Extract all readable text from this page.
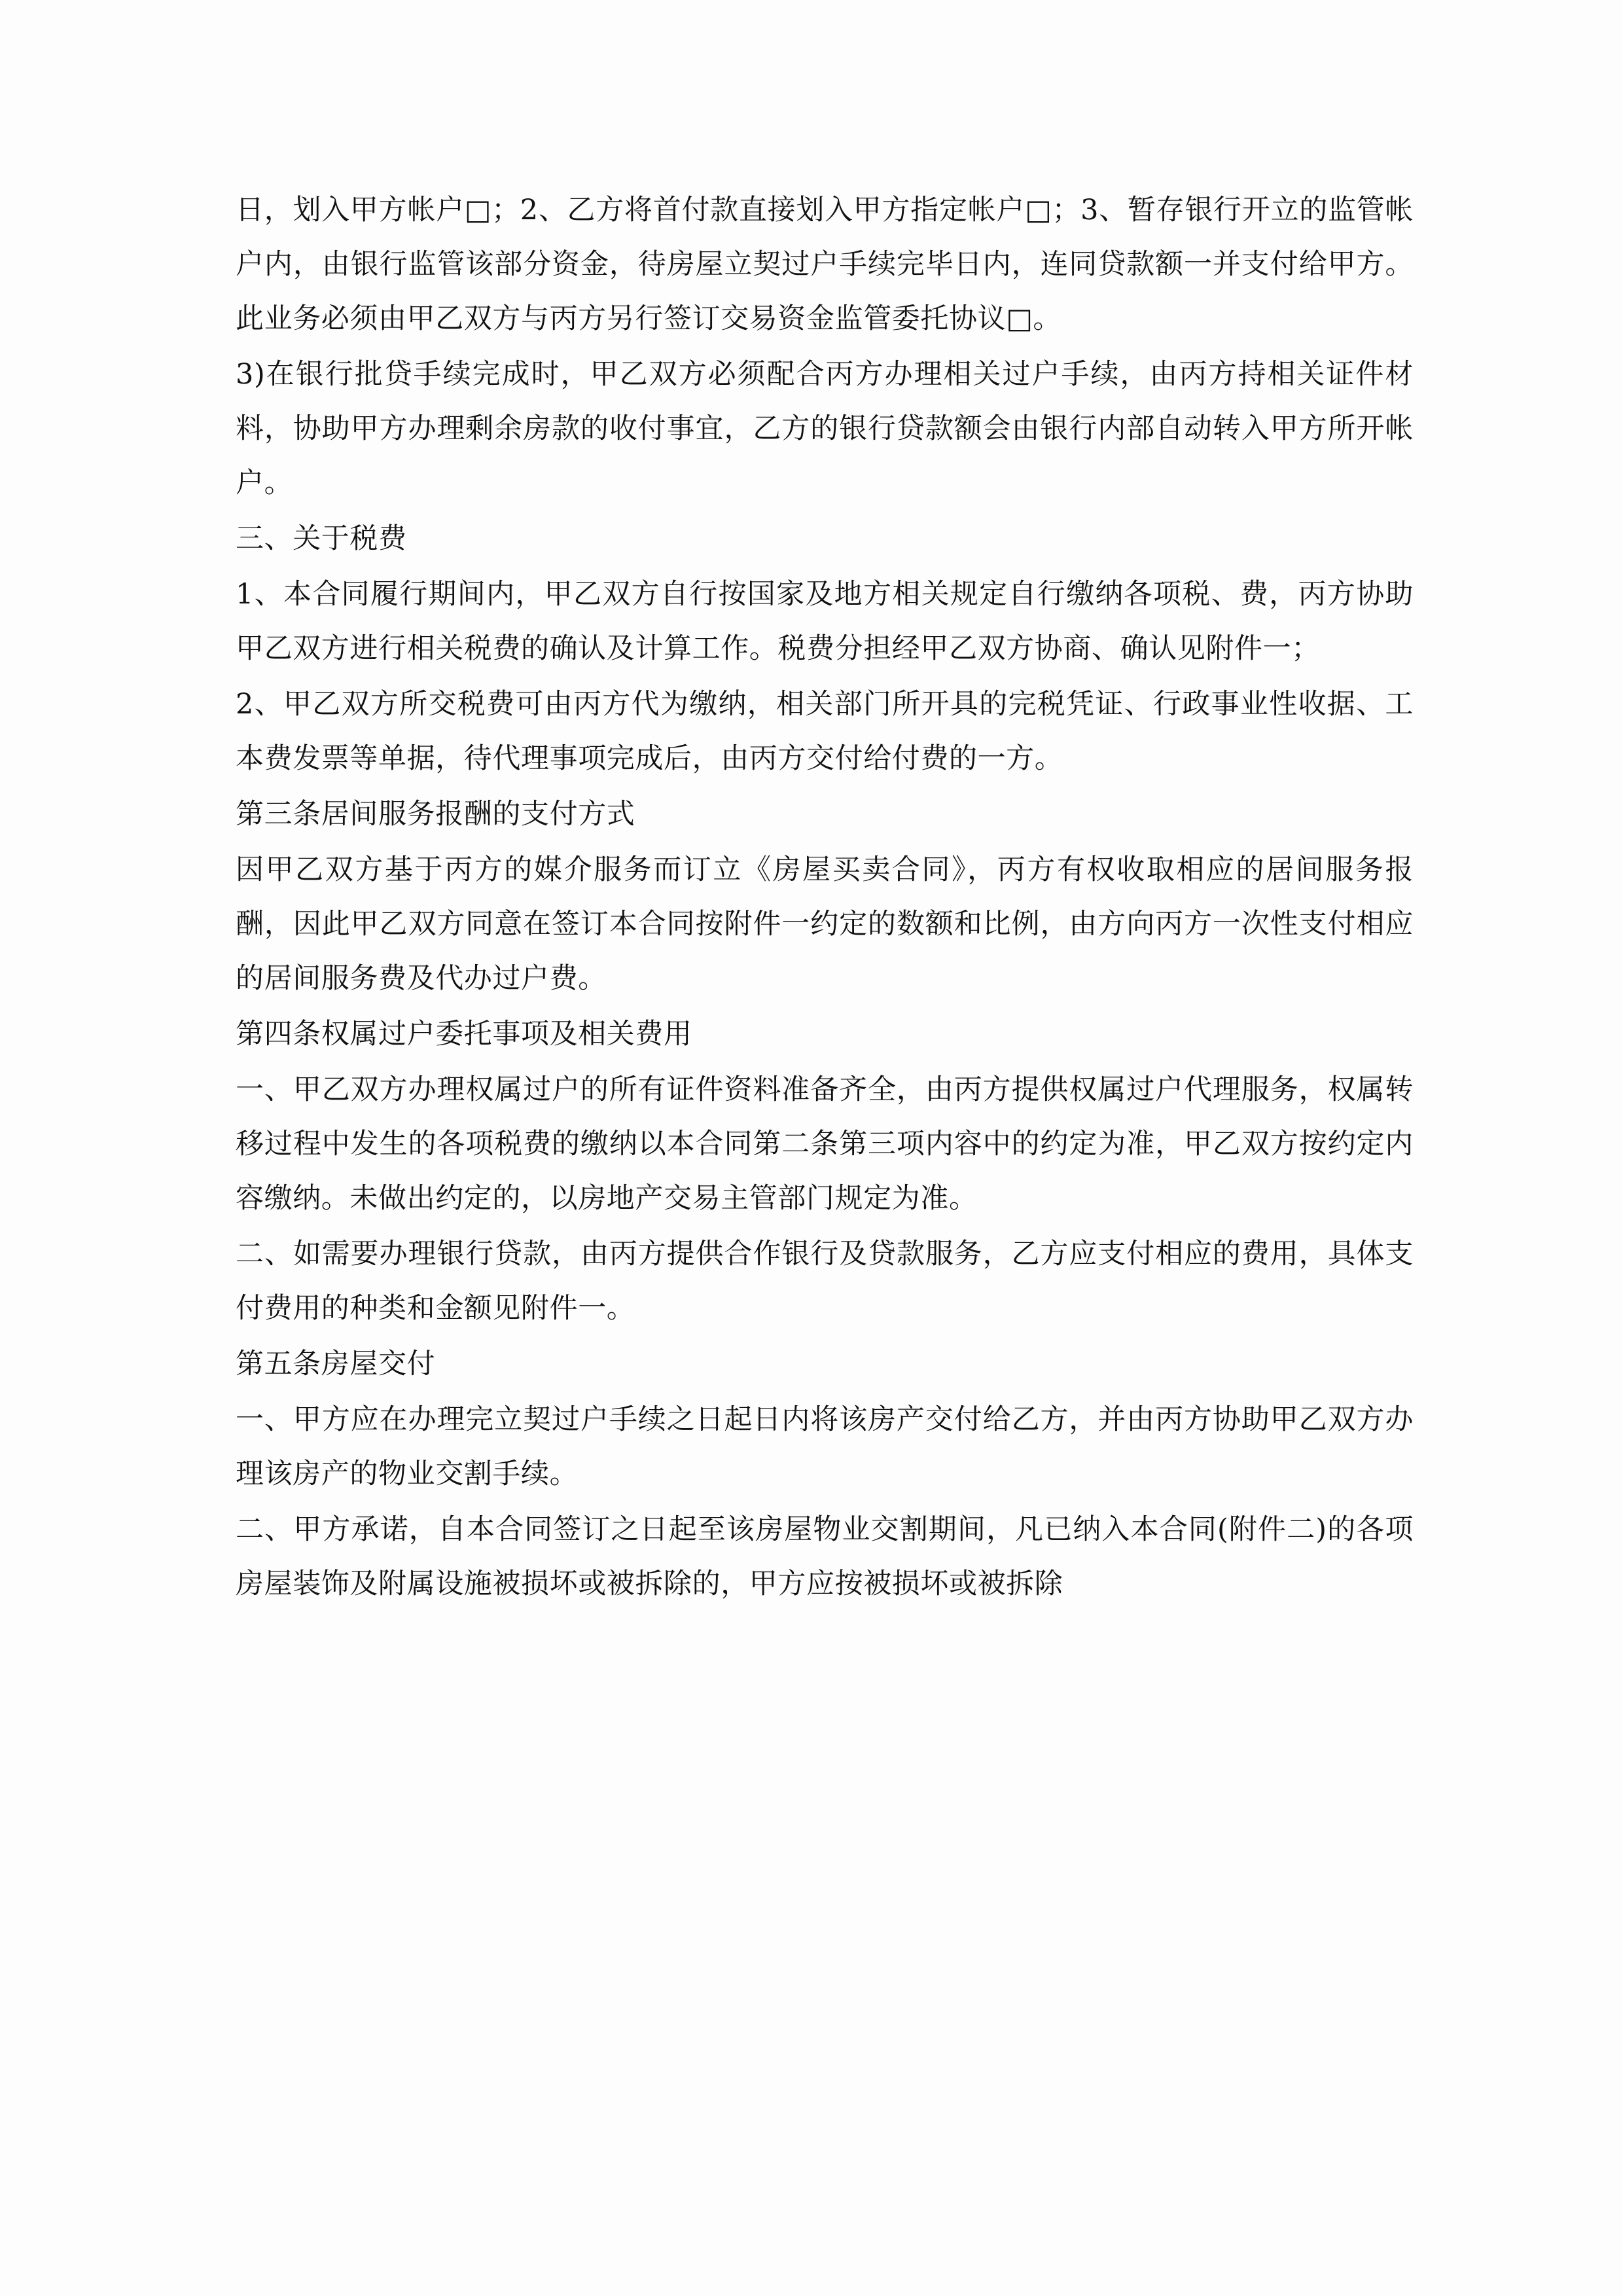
日，划入甲方帐户□；2、乙方将首付款直接划入甲方指定帐户□；3、暂存银行开立的监管帐户内，由银行监管该部分资金，待房屋立契过户手续完毕日内，连同贷款额一并支付给甲方。此业务必须由甲乙双方与丙方另行签订交易资金监管委托协议□。

3)在银行批贷手续完成时，甲乙双方必须配合丙方办理相关过户手续，由丙方持相关证件材料，协助甲方办理剩余房款的收付事宜，乙方的银行贷款额会由银行内部自动转入甲方所开帐户。

三、关于税费

1、本合同履行期间内，甲乙双方自行按国家及地方相关规定自行缴纳各项税、费，丙方协助甲乙双方进行相关税费的确认及计算工作。税费分担经甲乙双方协商、确认见附件一；

2、甲乙双方所交税费可由丙方代为缴纳，相关部门所开具的完税凭证、行政事业性收据、工本费发票等单据，待代理事项完成后，由丙方交付给付费的一方。

第三条居间服务报酬的支付方式

因甲乙双方基于丙方的媒介服务而订立《房屋买卖合同》，丙方有权收取相应的居间服务报酬，因此甲乙双方同意在签订本合同按附件一约定的数额和比例，由方向丙方一次性支付相应的居间服务费及代办过户费。

第四条权属过户委托事项及相关费用

一、甲乙双方办理权属过户的所有证件资料准备齐全，由丙方提供权属过户代理服务，权属转移过程中发生的各项税费的缴纳以本合同第二条第三项内容中的约定为准，甲乙双方按约定内容缴纳。未做出约定的，以房地产交易主管部门规定为准。

二、如需要办理银行贷款，由丙方提供合作银行及贷款服务，乙方应支付相应的费用，具体支付费用的种类和金额见附件一。

第五条房屋交付

一、甲方应在办理完立契过户手续之日起日内将该房产交付给乙方，并由丙方协助甲乙双方办理该房产的物业交割手续。

二、甲方承诺，自本合同签订之日起至该房屋物业交割期间，凡已纳入本合同(附件二)的各项房屋装饰及附属设施被损坏或被拆除的，甲方应按被损坏或被拆除
